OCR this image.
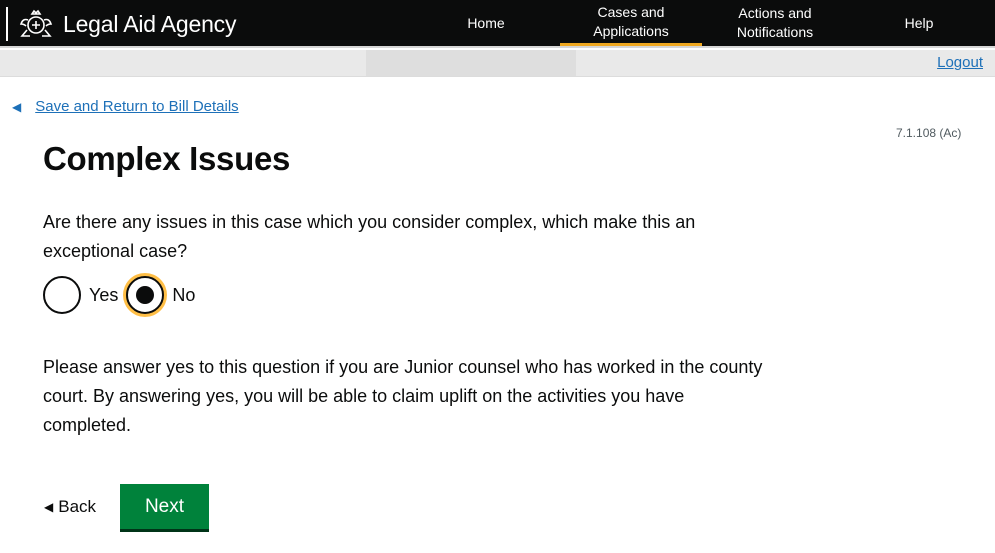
Legal Aid Agency	Home
Cases and Applications
Actions and Notifications
Help
Logout
◀ Save and Return to Bill Details
7.1.108 (Ac)
Complex Issues
Are there any issues in this case which you consider complex, which make this an exceptional case?
Yes	No
Please answer yes to this question if you are Junior counsel who has worked in the county court. By answering yes, you will be able to claim uplift on the activities you have completed.
◀ Back	Next
